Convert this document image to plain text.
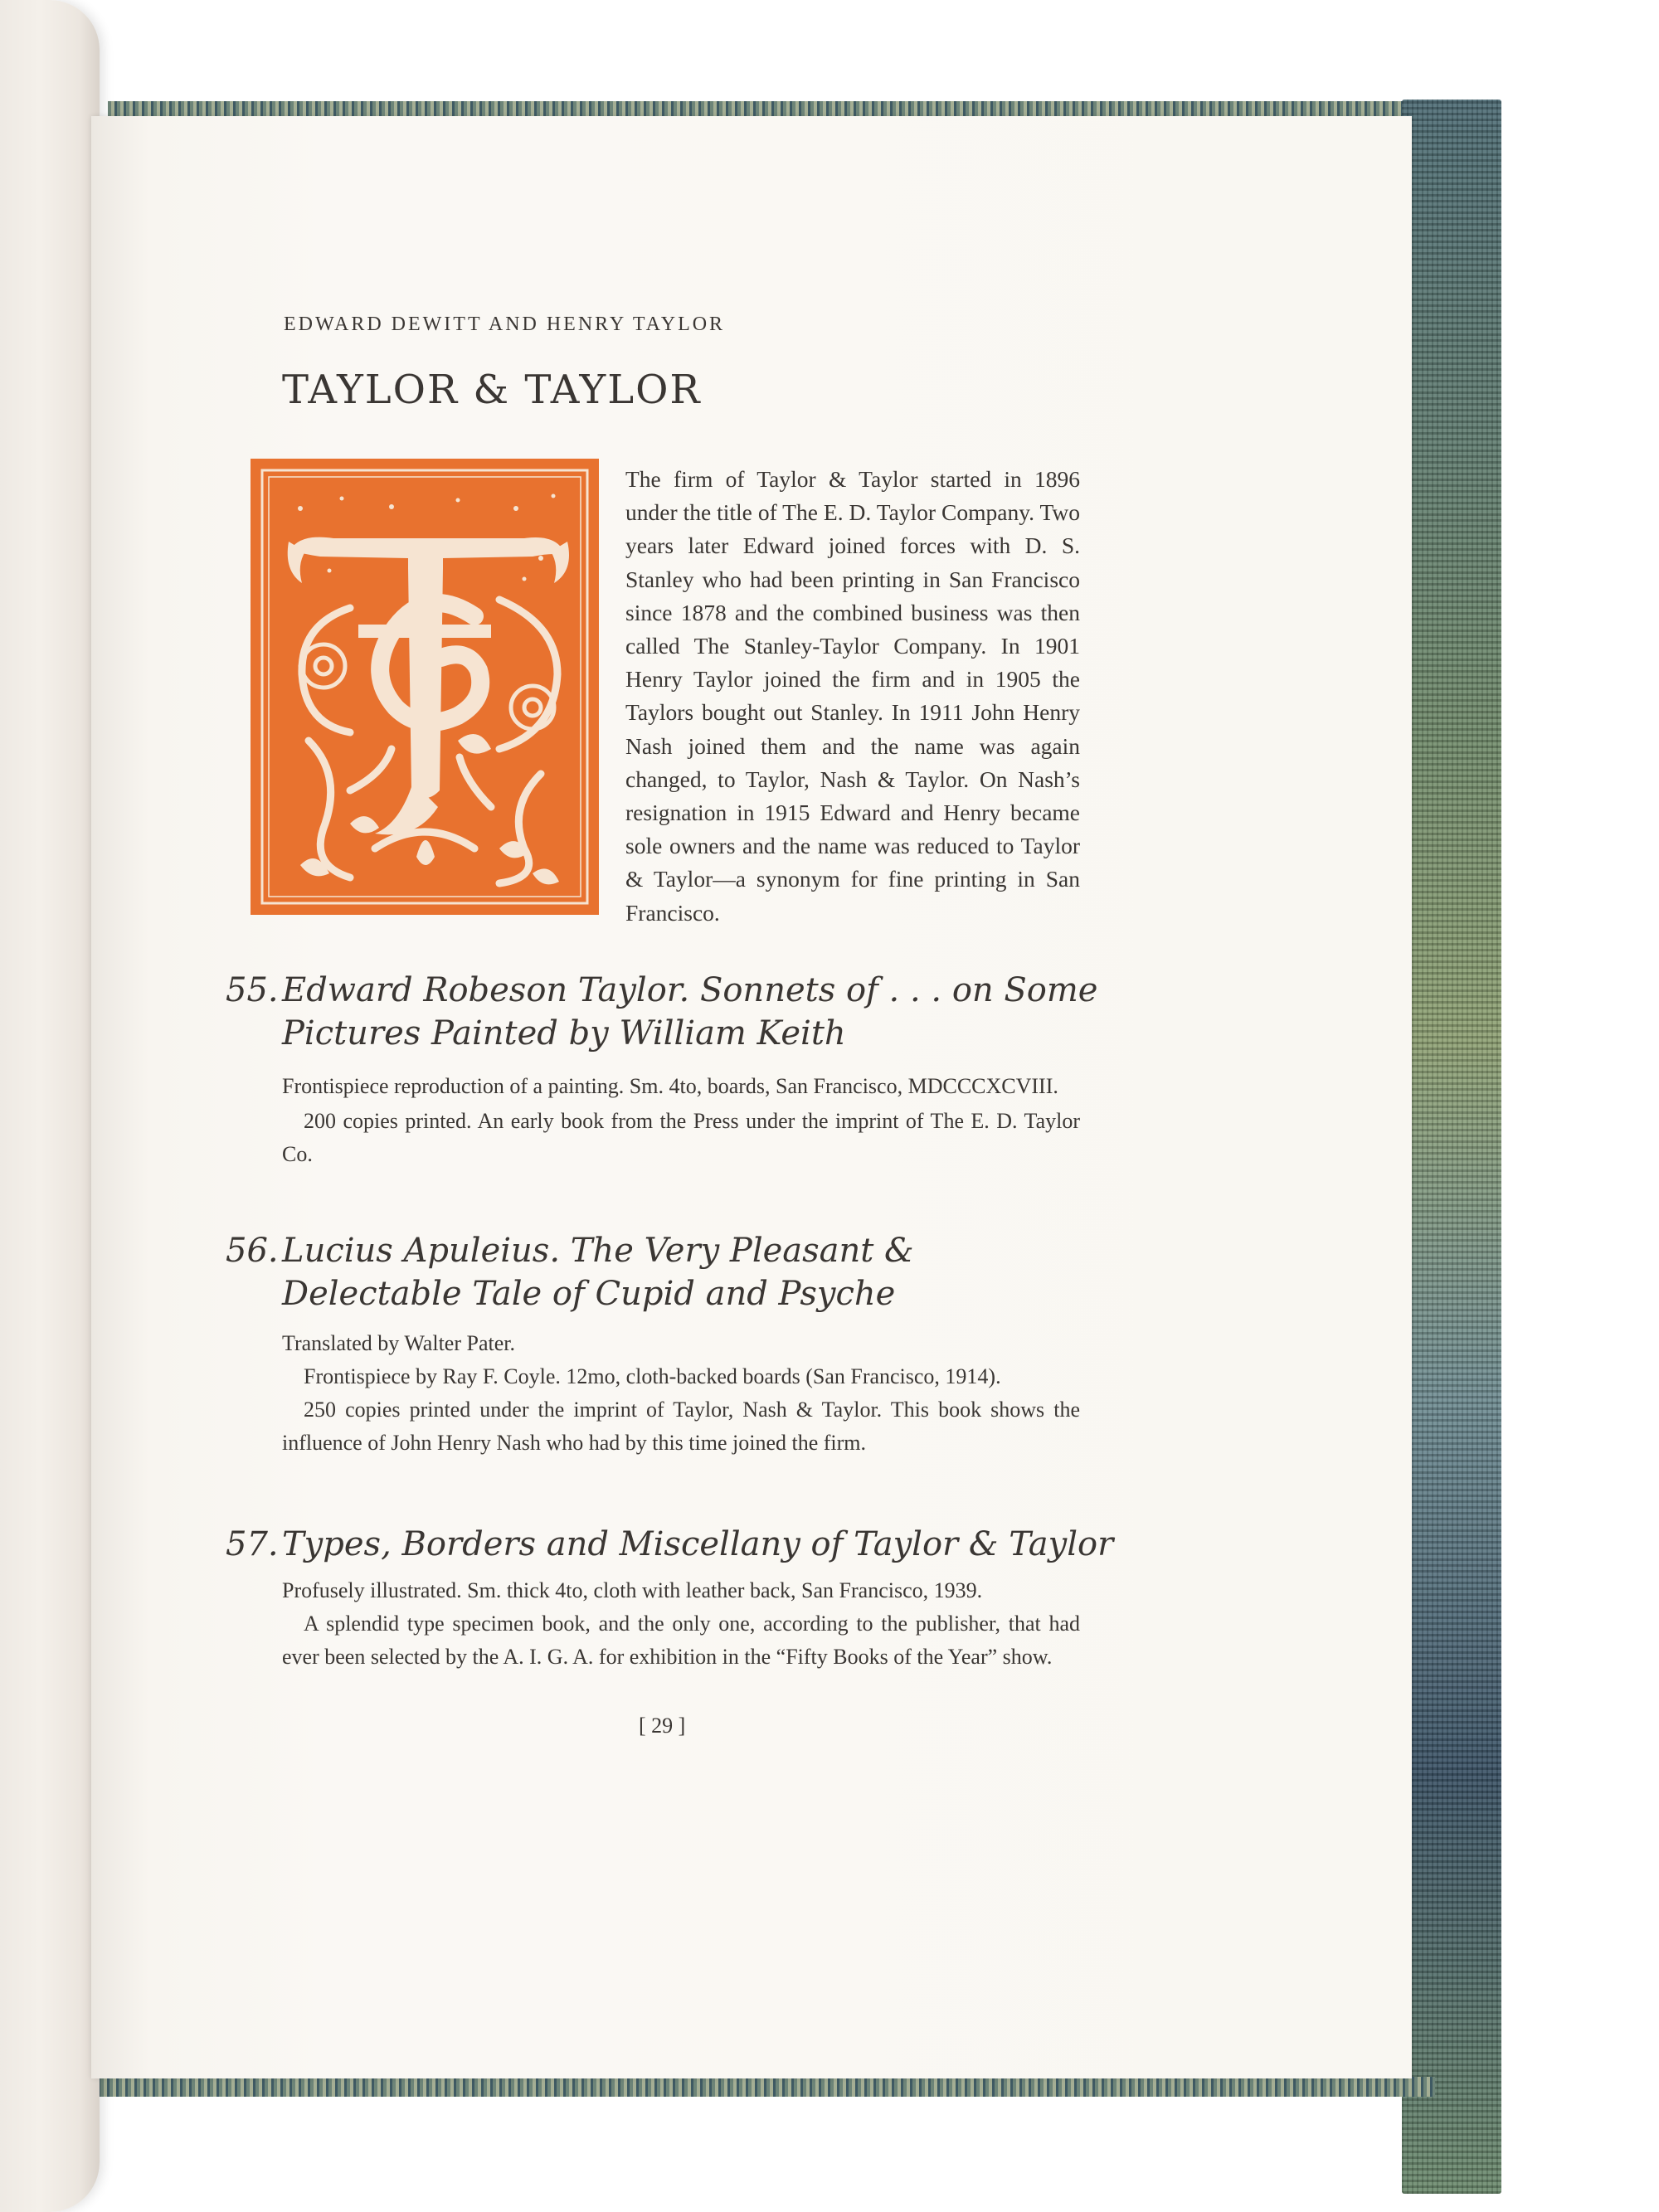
EDWARD DEWITT AND HENRY TAYLOR
TAYLOR & TAYLOR
The firm of Taylor & Taylor started in 1896 under the title of The E. D. Taylor Company. Two years later Edward joined forces with D. S. Stanley who had been printing in San Francisco since 1878 and the combined business was then called The Stanley-Taylor Company. In 1901 Henry Taylor joined the firm and in 1905 the Taylors bought out Stanley. In 1911 John Henry Nash joined them and the name was again changed, to Taylor, Nash & Taylor. On Nash’s resignation in 1915 Edward and Henry became sole owners and the name was reduced to Taylor & Taylor—a synonym for fine printing in San Francisco.
55. Edward Robeson Taylor. Sonnets of . . . on Some
Pictures Painted by William Keith

Frontispiece reproduction of a painting. Sm. 4to, boards, San Francisco, MDCCCXCVIII.

200 copies printed. An early book from the Press under the imprint of The E. D. Taylor Co.

56. Lucius Apuleius. The Very Pleasant &
Delectable Tale of Cupid and Psyche

Translated by Walter Pater.

Frontispiece by Ray F. Coyle. 12mo, cloth-backed boards (San Francisco, 1914).

250 copies printed under the imprint of Taylor, Nash & Taylor. This book shows the influence of John Henry Nash who had by this time joined the firm.

57. Types, Borders and Miscellany of Taylor & Taylor

Profusely illustrated. Sm. thick 4to, cloth with leather back, San Francisco, 1939.

A splendid type specimen book, and the only one, according to the publisher, that had ever been selected by the A. I. G. A. for exhibition in the “Fifty Books of the Year” show.

[ 29 ]
